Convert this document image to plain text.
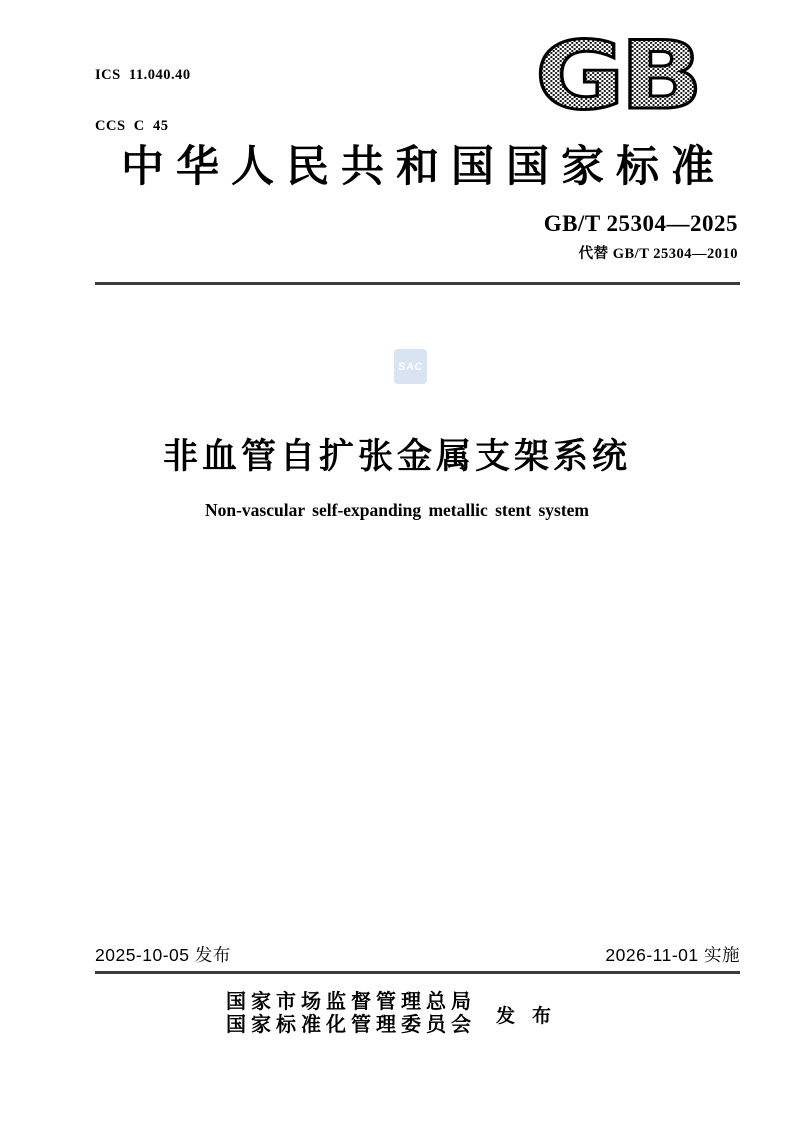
ICS  11.040.40

CCS  C  45

	GB
中华人民共和国国家标准
GB/T 25304—2025
代替 GB/T 25304—2010
SAC
非血管自扩张金属支架系统
Non-vascular self-expanding metallic stent system
2025-10-05 发布	2026-11-01 实施
国家市场监督管理总局
国家标准化管理委员会 发布
